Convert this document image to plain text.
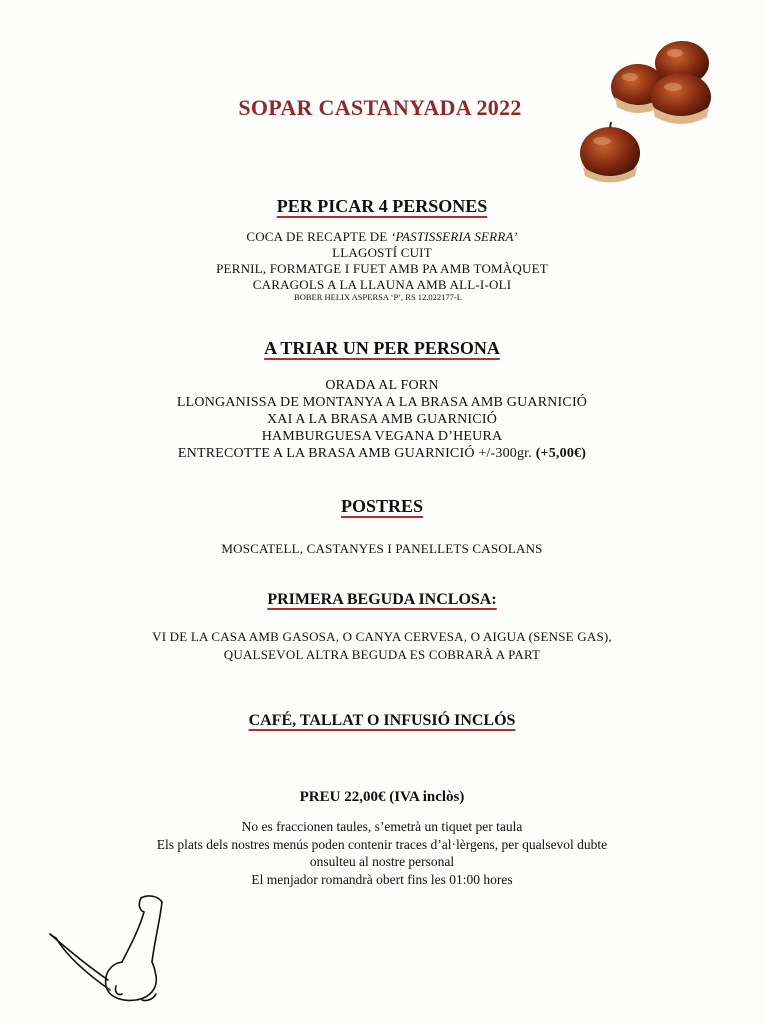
SOPAR CASTANYADA 2022
PER PICAR 4 PERSONES
COCA DE RECAPTE DE ‘PASTISSERIA SERRA’
LLAGOSTÍ CUIT
PERNIL, FORMATGE I FUET AMB PA AMB TOMÀQUET
CARAGOLS A LA LLAUNA AMB ALL-I-OLI
BOBER HELIX ASPERSA ‘P’, RS 12.022177-L
A TRIAR UN PER PERSONA
ORADA AL FORN
LLONGANISSA DE MONTANYA A LA BRASA AMB GUARNICIÓ
XAI A LA BRASA AMB GUARNICIÓ
HAMBURGUESA VEGANA D’HEURA
ENTRECOTTE A LA BRASA AMB GUARNICIÓ +/-300gr. (+5,00€)
POSTRES
MOSCATELL, CASTANYES I PANELLETS CASOLANS
PRIMERA BEGUDA INCLOSA:
VI DE LA CASA AMB GASOSA, O CANYA CERVESA, O AIGUA (SENSE GAS),
QUALSEVOL ALTRA BEGUDA ES COBRARÀ A PART
CAFÉ, TALLAT O INFUSIÓ INCLÓS
PREU 22,00€ (IVA inclòs)
No es fraccionen taules, s’emetrà un tiquet per taula
Els plats dels nostres menús poden contenir traces d’al·lèrgens, per qualsevol dubte
onsulteu al nostre personal
El menjador romandrà obert fins les 01:00 hores
